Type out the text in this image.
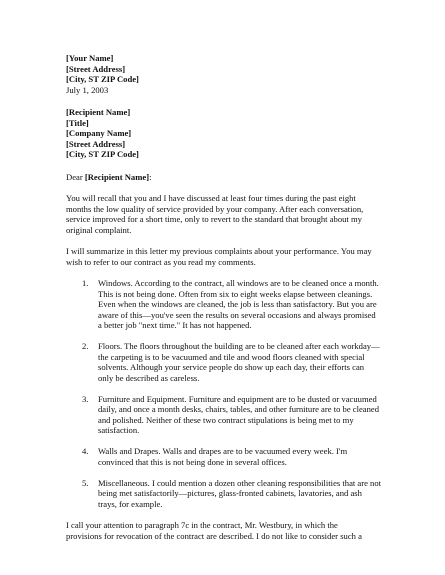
[Your Name]
[Street Address]
[City, ST ZIP Code]
July 1, 2003
[Recipient Name]
[Title]
[Company Name]
[Street Address]
[City, ST ZIP Code]

Dear [Recipient Name]:

You will recall that you and I have discussed at least four times during the past eight
months the low quality of service provided by your company. After each conversation,
service improved for a short time, only to revert to the standard that brought about my
original complaint.

I will summarize in this letter my previous complaints about your performance. You may
wish to refer to our contract as you read my comments.

1. Windows. According to the contract, all windows are to be cleaned once a month.
This is not being done. Often from six to eight weeks elapse between cleanings.
Even when the windows are cleaned, the job is less than satisfactory. But you are
aware of this—you've seen the results on several occasions and always promised
a better job "next time." It has not happened.
2. Floors. The floors throughout the building are to be cleaned after each workday—
the carpeting is to be vacuumed and tile and wood floors cleaned with special
solvents. Although your service people do show up each day, their efforts can
only be described as careless.
3. Furniture and Equipment. Furniture and equipment are to be dusted or vacuumed
daily, and once a month desks, chairs, tables, and other furniture are to be cleaned
and polished. Neither of these two contract stipulations is being met to my
satisfaction.
4. Walls and Drapes. Walls and drapes are to be vacuumed every week. I'm
convinced that this is not being done in several offices.
5. Miscellaneous. I could mention a dozen other cleaning responsibilities that are not
being met satisfactorily—pictures, glass-fronted cabinets, lavatories, and ash
trays, for example.

I call your attention to paragraph 7c in the contract, Mr. Westbury, in which the
provisions for revocation of the contract are described. I do not like to consider such a
